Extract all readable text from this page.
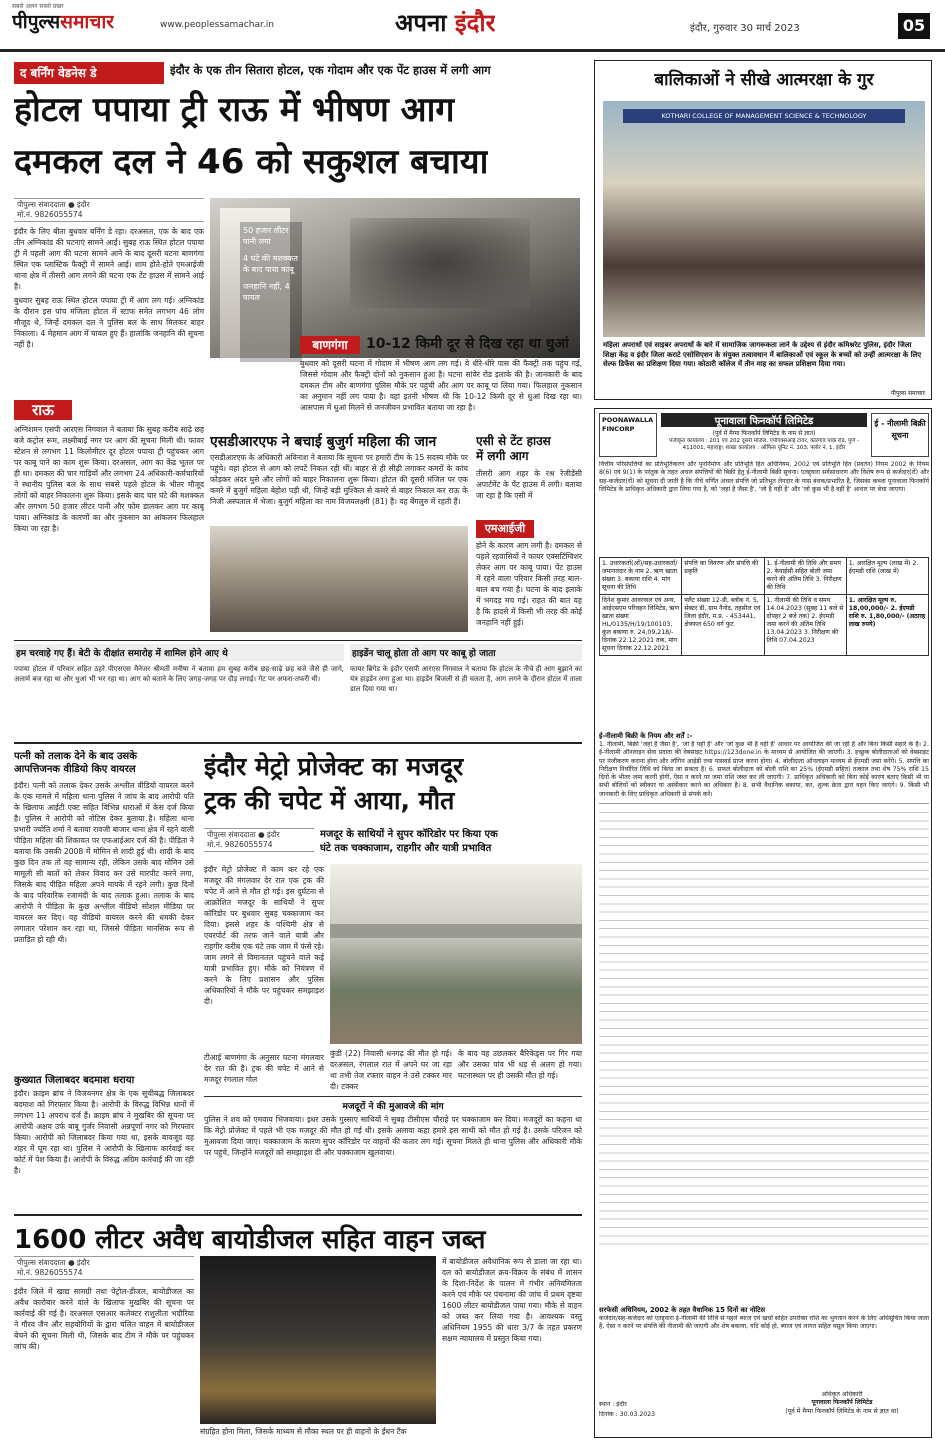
सबसे अलग सबसे प्रखर
पीपुल्ससमाचार	www.peoplessamachar.in	अपना इंदौर	इंदौर, गुरुवार 30 मार्च 2023	05
द बर्निंग वेडनेस डे	इंदौर के एक तीन सितारा होटल, एक गोदाम और एक पेंट हाउस में लगी आग
होटल पपाया ट्री राऊ में भीषण आग
दमकल दल ने 46 को सकुशल बचाया
पीपुल्स संवाददाता ● इंदौर
मो.नं. 9826055574

इंदौर के लिए बीता बुधवार बर्निंग डे रहा। दरअसल, एक के बाद एक तीन अग्निकांड की घटनाएं सामने आईं। सुबह राऊ स्थित होटल पपाया ट्री में पहली आग की घटना सामने आने के बाद दूसरी घटना बाणगंगा स्थित एक प्लास्टिक फैक्ट्री में सामने आई। शाम होते-होते एमआईजी थाना क्षेत्र में तीसरी आग लगने की घटना एक टेंट हाउस में सामने आई है।

बुधवार सुबह राऊ स्थित होटल पपाया ट्री में आग लग गई। अग्निकांड के दौरान इस पांच मंजिला होटल में स्टाफ समेत लगभग 46 लोग मौजूद थे, जिन्हें दमकल दल ने पुलिस बल के साथ मिलकर बाहर निकाला। 4 मेहमान आग में घायल हुए हैं। हालांकि जनहानि की सूचना नहीं है।

राऊ
अग्निशमन एसपी आरएस निगवाल ने बताया कि सुबह करीब साढ़े छह बजे कंट्रोल रूम, लक्ष्मीबाई नगर पर आग की सूचना मिली थी। फायर स्टेशन से लगभग 11 किलोमीटर दूर होटल पपाया ट्री पहुंचकर आग पर काबू पाने का काम शुरू किया। दरअसल, आग का केंद्र भूतल पर ही था। दमकल की चार गाड़ियों और लगभग 24 अधिकारी-कर्मचारियों ने स्थानीय पुलिस बल के साथ सबसे पहले होटल के भीतर मौजूद लोगों को बाहर निकालना शुरू किया। इसके बाद चार घंटे की मशक्कत और लगभग 50 हजार लीटर पानी और फोम डालकर आग पर काबू पाया। अग्निकांड के कारणों का और नुकसान का आंकलन फिलहाल किया जा रहा है।
50 हजार लीटर पानी लगा
4 घंटे की मशक्कत के बाद पाया काबू
जनहानि नहीं, 4 घायल
बाणगंगा	10-12 किमी दूर से दिख रहा था धुआं
बुधवार को दूसरी घटना में गोदाम में भीषण आग लग गई। ये धीरे-धीरे पास की फैक्ट्री तक पहुंच गई, जिससे गोदाम और फैक्ट्री दोनों को नुकसान हुआ है। घटना सांवेर रोड इलाके की है। जानकारी के बाद दमकल टीम और बाणगंगा पुलिस मौके पर पहुंची और आग पर काबू पा लिया गया। फिलहाल नुकसान का अनुमान नहीं लग पाया है। वहां इतनी भीषण थी कि 10-12 किमी दूर से धुआं दिख रहा था। आसपास में धुआं मिलने से जनजीवन प्रभावित बताया जा रहा है।
एसडीआरएफ ने बचाई बुजुर्ग महिला की जान
एसडीआरएफ के अधिकारी अविनाश ने बताया कि सूचना पर हमारी टीम के 15 सदस्य मौके पर पहुंचे। वहां होटल से आग को लपटें निकल रही थीं। बाहर से ही सीढ़ी लगाकर कमरों के कांच फोड़कर अंदर घुसे और लोगों को बाहर निकालना शुरू किया। होटल की दूसरी मंजिल पर एक कमरे में बुजुर्ग महिला बेहोश पड़ी थी, जिन्हें बड़ी मुश्किल से कमरे से बाहर निकाल कर राऊ के निजी अस्पताल में भेजा। बुजुर्ग महिला का नाम विजयलक्ष्मी (81) है। वह बेंगलुरु में रहती हैं।
एसी से टेंट हाउस
में लगी आग
तीसरी आग शहर के रश्र रेजीडेंसी अपार्टमेंट के पेंट हाउस में लगी। बताया जा रहा है कि एसी में
एमआईजी
होने के कारण आग लगी है। दमकल से पहले रहवासियों ने फायर एक्सटिंग्विशर लेकर आग पर काबू पाया। पेंट हाउस में रहने वाला परिवार किसी तरह बाल-बाल बच गया है। घटना के बाद इलाके में भगदड़ मच गई। राहत की बात यह है कि हादसे में किसी भी तरह की कोई जनहानि नहीं हुई।
हम चरवाहे गए हैं। बेटी के दीक्षांत समारोह में शामिल होने आए थे
पपाया होटल में परिवार सहित ठहरे पीएसएस मैनेजर श्रीमती मनीषा ने बताया हम सुबह करीब छह-साढ़े छह बजे जैसे ही जागे, अलार्म बज रहा था और धुआं भी भर रहा था। आग को बताने के लिए जगह-जगह पर दौड़ लगाई। गेट पर अफरा-तफरी थी।
हाइडेंन चालू होता तो आग पर काबू हो जाता
फायर ब्रिगेड के इंदौर एसपी आरएस निगवाल ने बताया कि होटल के नीचे ही आग बुझाने का यंत्र हाइडेंन लगा हुआ था। हाइडेंन बिजली से ही चलता है, आग लगने के दौरान होटल में ताला डाल दिया गया था।
बालिकाओं ने सीखे आत्मरक्षा के गुर
KOTHARI COLLEGE OF MANAGEMENT SCIENCE & TECHNOLOGY
महिला अपराधों एवं साइबर अपराधों के बारे में सामाजिक जागरूकता लाने के उद्देश्य से इंदौर कमिश्नरेट पुलिस, इंदौर जिला शिक्षा केंद्र व इंदौर जिला कराटे एसोसिएशन के संयुक्त तत्वावधान में बालिकाओं एवं स्कूल के बच्चों को उन्हीं आत्मरक्षा के लिए सेल्फ डिफेंस का प्रशिक्षण दिया गया। कोठारी कॉलेज में तीन माह का सफल प्रशिक्षण दिया गया।
पीपुल्स समाचार
POONAWALLA FINCORP
पूनावाला फिनकॉर्प लिमिटेड
(पूर्व में मैग्मा फिनकॉर्प लिमिटेड के नाम से ज्ञात)
पंजीकृत कार्यालय : 201 एवं 202 दूसरी मंजिल, एपीएक्सआई टावर, कोरेगांव पार्क रोड, पुणे - 411001, महाराष्ट्र। शाखा कार्यालय : ऑफिस यूनिट नं. 103, फ्लोर नं. 1, इंदौर
ई - नीलामी बिक्री सूचना
वित्तीय परिसंपत्तियों का प्रतिभूतिकरण और पुनर्निर्माण और प्रतिभूति हित अधिनियम, 2002 एवं प्रतिभूति हित (प्रवर्तन) नियम 2002 के नियम 8(6) एवं 9(1) के परंतुक के तहत अचल संपत्तियों की बिक्री हेतु ई-नीलामी बिक्री सूचना। एतद्द्वारा सर्वसाधारण और विशेष रूप से कर्जदार(रों) और सह-कर्जदार(रों) को सूचना दी जाती है कि नीचे वर्णित अचल संपत्ति जो प्रतिभूत लेनदार के पास बंधक/प्रभारित है, जिसका कब्जा पूनावाला फिनकॉर्प लिमिटेड के प्राधिकृत अधिकारी द्वारा लिया गया है, को 'जहां है जैसा है', 'जो है यही है' और 'जो कुछ भी है वहीं है' आधार पर बेचा जाएगा।
1. उधारकर्ता(ओं)/सह-उधारकर्ता/ जमानतदार के नाम 2. ऋण खाता संख्या 3. बकाया राशि 4. मांग सूचना की तिथि	संपत्ति का विवरण और संपत्ति की प्रकृति	1. ई-नीलामी की तिथि और समय 2. केवाईसी सहित बोली जमा करने की अंतिम तिथि 3. निरीक्षण की तिथि	1. आरक्षित मूल्य (लाख में) 2. ईएमडी राशि (लाख में)
दिनेश कुमार आवरवाल एवं अन्य, आईएसएम परिवहन लिमिटेड, ऋण खाता संख्या HL/0135/H/19/100103, कुल बकाया रु. 24,09,218/- दिनांक 22.12.2021 तक, मांग सूचना दिनांक 22.12.2021	फ्लैट संख्या 12-डी, ब्लॉक नं. 5, सेक्टर डी, ग्राम नैनोद, तहसील एवं जिला इंदौर, म.प्र. - 453441, क्षेत्रफल 650 वर्ग फुट	1. नीलामी की तिथि व समय 14.04.2023 (सुबह 11 बजे से दोपहर 2 बजे तक) 2. ईएमडी जमा करने की अंतिम तिथि 13.04.2023 3. निरीक्षण की तिथि 07.04.2023	1. आरक्षित मूल्य रु. 18,00,000/- 2. ईएमडी राशि रु. 1,80,000/- (अठारह लाख रुपये)
ई-नीलामी बिक्री के नियम और शर्तें :-
1. नीलामी, बिक्री 'जहां है जैसा है', 'जो है यही है' और 'जो कुछ भी है वहीं है' आधार पर आयोजित की जा रही है और बिना किसी सहारे के है। 2. ई-नीलामी ऑनलाइन सेवा प्रदाता की वेबसाइट https://123done.in के माध्यम से आयोजित की जाएगी। 3. इच्छुक बोलीदाताओं को वेबसाइट पर पंजीकरण कराना होगा और लॉगिन आईडी तथा पासवर्ड प्राप्त करना होगा। 4. बोलीदाता ऑनलाइन माध्यम से ईएमडी जमा करेंगे। 5. संपत्ति का निरीक्षण निर्धारित तिथि को किया जा सकता है। 6. सफल बोलीदाता को बोली राशि का 25% (ईएमडी सहित) तत्काल तथा शेष 75% राशि 15 दिनों के भीतर जमा करनी होगी, ऐसा न करने पर जमा राशि जब्त कर ली जाएगी। 7. प्राधिकृत अधिकारी को बिना कोई कारण बताए किसी भी या सभी बोलियों को स्वीकार या अस्वीकार करने का अधिकार है। 8. सभी वैधानिक बकाया, कर, शुल्क क्रेता द्वारा वहन किए जाएंगे। 9. किसी भी जानकारी के लिए प्राधिकृत अधिकारी से संपर्क करें।
सरफेसी अधिनियम, 2002 के तहत वैधानिक 15 दिनों का नोटिस
कर्जदार/सह-कर्जदार को एतद्द्वारा ई-नीलामी की तिथि से पहले ब्याज एवं खर्चों सहित उपरोक्त राशि का भुगतान करने के लिए अधिसूचित किया जाता है, ऐसा न करने पर संपत्ति की नीलामी की जाएगी और शेष बकाया, यदि कोई हो, ब्याज एवं लागत सहित वसूल किया जाएगा।
स्थान : इंदौर
दिनांक : 30.03.2023
अधिकृत अधिकारी
पूनावाला फिनकॉर्प लिमिटेड
(पूर्व में मैग्मा फिनकॉर्प लिमिटेड के नाम से ज्ञात था)
पत्नी को तलाक देने के बाद उसके
आपत्तिजनक वीडियो किए वायरल
इंदौर। पत्नी को तलाक देकर उसके अश्लील वीडियो वायरल करने के एक मामले में महिला थाना पुलिस ने जांच के बाद आरोपी पति के खिलाफ आईटी एक्ट सहित विभिन्न धाराओं में केस दर्ज किया है। पुलिस ने आरोपी को नोटिस देकर बुलाया है। महिला थाना प्रभारी ज्योति शर्मा ने बताया रावजी बाजार थाना क्षेत्र में रहने वाली पीड़िता महिला की शिकायत पर एफआईआर दर्ज की है। पीड़िता ने बताया कि उसकी 2008 में मोमिन से शादी हुई थी। शादी के बाद कुछ दिन तक तो वह सामान्य रही, लेकिन उसके बाद मोमिन उसे मामूली सी बातों को लेकर विवाद कर उसे मारपीट करने लगा, जिसके बाद पीड़ित महिला अपने मायके में रहने लगी। कुछ दिनों के बाद परिवारिक रजामंदी के बाद तलाक हुआ। तलाक के बाद आरोपी ने पीड़िता के कुछ अश्लील वीडियो सोशल मीडिया पर वायरल कर दिए। वह वीडियो वायरल करने की धमकी देकर लगातार परेशान कर रहा था, जिससे पीड़िता मानसिक रूप से प्रताड़ित हो रही थी।
कुख्यात जिलाबदर बदमाश धराया
इंदौर। क्राइम ब्रांच ने विजयनगर क्षेत्र के एक सूचीबद्ध जिलाबदर बदमाश को गिरफ्तार किया है। आरोपी के विरुद्ध विभिन्न थानों में लगभग 11 अपराध दर्ज हैं। क्राइम ब्रांच ने मुखबिर की सूचना पर आरोपी अक्षय उर्फ बाबू गुर्जर निवासी अन्नपूर्णा नगर को गिरफ्तार किया। आरोपी को जिलाबदर किया गया था, इसके बावजूद वह शहर में घूम रहा था। पुलिस ने आरोपी के खिलाफ कार्रवाई कर कोर्ट में पेश किया है। आरोपी के विरुद्ध अग्रिम कार्रवाई की जा रही है।
इंदौर मेट्रो प्रोजेक्ट का मजदूर
ट्रक की चपेट में आया, मौत
पीपुल्स संवाददाता ● इंदौर
मो.नं. 9826055574
मजदूर के साथियों ने सुपर कॉरिडोर पर किया एक
घंटे तक चक्काजाम, राहगीर और यात्री प्रभावित
इंदौर मेट्रो प्रोजेक्ट में काम कर रहे एक मजदूर की मंगलवार देर रात एक ट्रक की चपेट में आने से मौत हो गई। इस दुर्घटना से आक्रोशित मजदूर के साथियों ने सुपर कॉरिडोर पर बुधवार सुबह चक्काजाम कर दिया। इससे शहर के पश्चिमी क्षेत्र से एयरपोर्ट की तरफ जाने वाले यात्री और राहगीर करीब एक घंटे तक जाम में फंसे रहे। जाम लगने से विमानतल पहुंचने वाले कई यात्री प्रभावित हुए। मौके को नियंत्रण में करने के लिए प्रशासन और पुलिस अधिकारियों ने मौके पर पहुंचकर समझाइश दी।
टीआई बाणगंगा के अनुसार घटना मंगलवार देर रात की है। ट्रक की चपेट में आने से मजदूर रंगलाल गोल
कुंडी (22) निवासी धनगढ़ की मौत हो गई। दरअसल, रंगलाल रात में अपने घर जा रहा था तभी तेज रफ्तार वाहन ने उसे टक्कर मार दी। टक्कर
के बाद वह उछलकर बैरिकेड्स पर गिर गया और उसका पांव भी धड़ से अलग हो गया। घटनास्थल पर ही उसकी मौत हो गई।
मजदूरों ने की मुआवजे की मांग
पुलिस ने शव को एमवाय भिजवाया। इधर उसके गुस्साए साथियों ने सुबह टीसीएस चौराहे पर चक्काजाम कर दिया। मजदूरों का कहना था कि मेट्रो प्रोजेक्ट में पहले भी एक मजदूर की मौत हो गई थी। इसके अलावा कहा हमारे इस साथी को मौत हो गई है। उसके परिजन को मुआवजा दिया जाए। चक्काजाम के कारण सुपर कॉरिडोर पर वाहनों की कतार लग गई। सूचना मिलते ही थाना पुलिस और अधिकारी मौके पर पहुंचे, जिन्होंने मजदूरों को समझाइश दी और चक्काजाम खुलवाया।
1600 लीटर अवैध बायोडीजल सहित वाहन जब्त
पीपुल्स संवाददाता ● इंदौर
मो.नं. 9826055574
इंदौर जिले में खाद्य सामग्री तथा पेट्रोल-डीजल, बायोडीजल का अवैध कारोबार करने वाले के खिलाफ मुखबिर की सूचना पर कार्रवाई की गई है। दरअसल एसआर कलेक्टर राशुलीता भदौरिया ने गौरव जैन और सहयोगियों के द्वारा चलित वाहन में बायोडीजल बेचने की सूचना मिली थी, जिसके बाद टीम ने मौके पर पहुंचकर जांच की।
संग्रहित होना मिला, जिसके माध्यम से मौका स्थल पर ही वाहनों के ईंधन टैंक
में बायोडीजल अवैधानिक रूप से डाला जा रहा था। दल को बायोडीजल क्रय-विक्रय के संबंध में शासन के दिशा-निर्देश के पालन में गंभीर अनियमितता करने एवं मौके पर पंचनामा की जांच में प्रथम दृष्टया 1600 लीटर बायोडीजल पाया गया। मौके से वाहन को जब्त कर लिया गया है। आवश्यक वस्तु अधिनियम 1955 की धारा 3/7 के तहत प्रकरण सक्षम न्यायालय में प्रस्तुत किया गया।
